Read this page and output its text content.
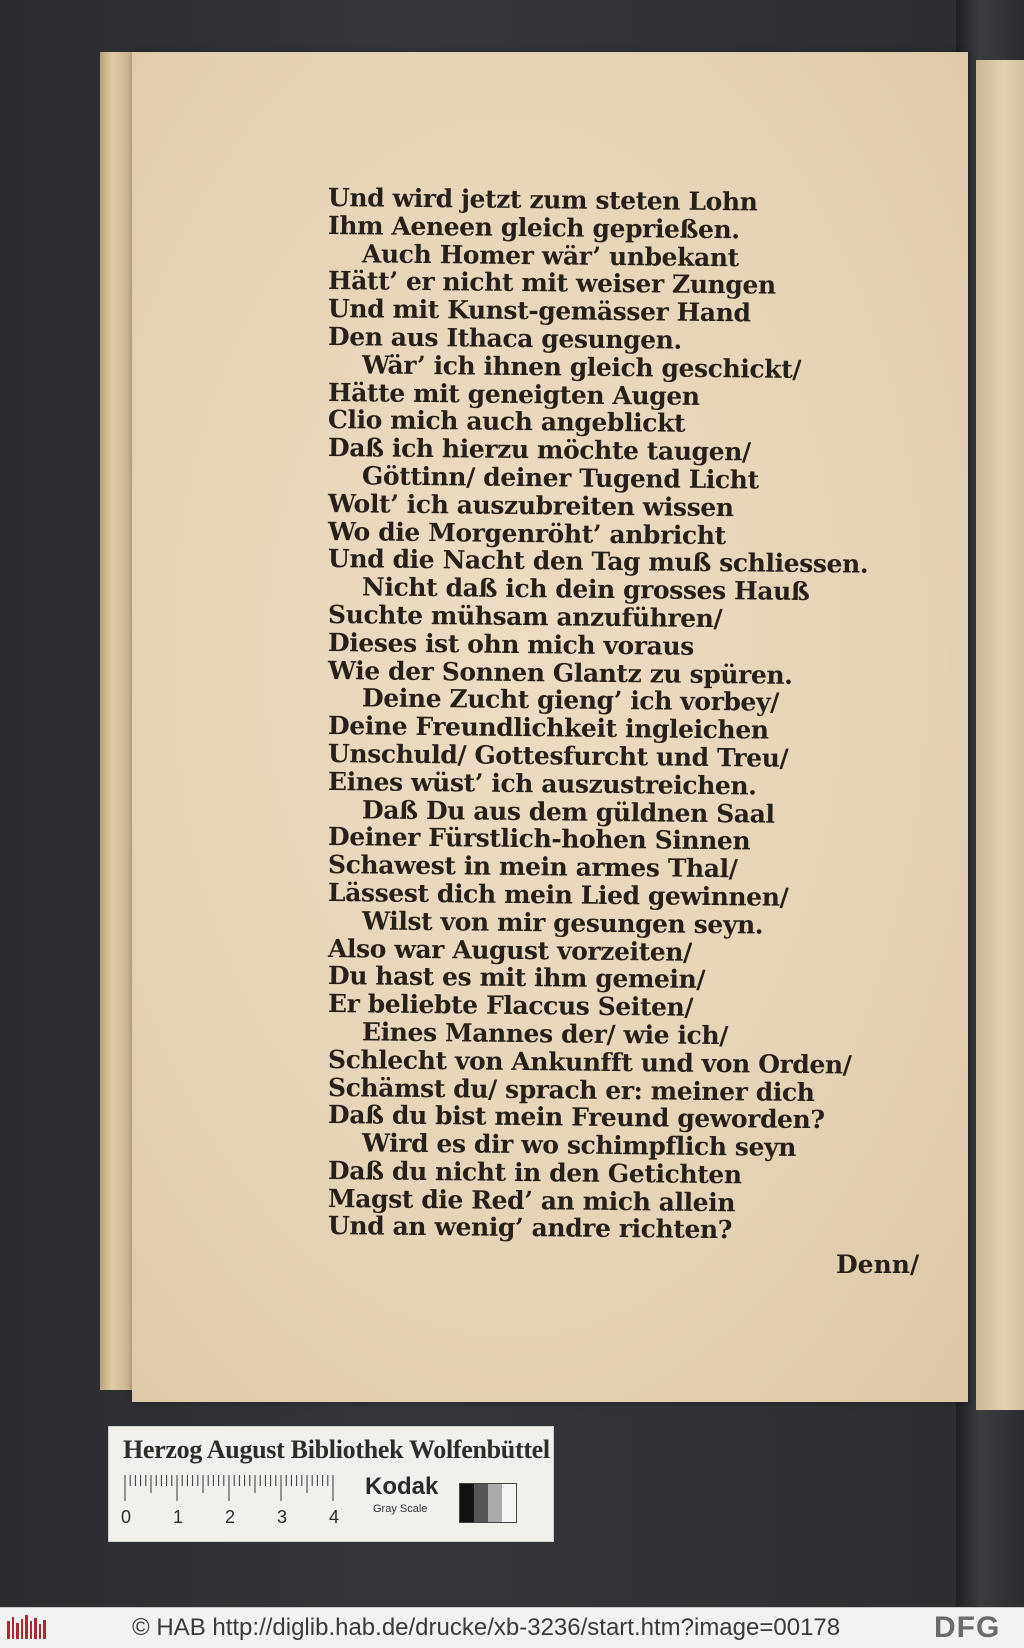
Und wird jetzt zum steten Lohn
Ihm Aeneen gleich geprießen.
Auch Homer wär’ unbekant
Hätt’ er nicht mit weiser Zungen
Und mit Kunst-gemässer Hand
Den aus Ithaca gesungen.
Wär’ ich ihnen gleich geschickt/
Hätte mit geneigten Augen
Clio mich auch angeblickt
Daß ich hierzu möchte taugen/
Göttinn/ deiner Tugend Licht
Wolt’ ich auszubreiten wissen
Wo die Morgenröht’ anbricht
Und die Nacht den Tag muß schliessen.
Nicht daß ich dein grosses Hauß
Suchte mühsam anzuführen/
Dieses ist ohn mich voraus
Wie der Sonnen Glantz zu spüren.
Deine Zucht gieng’ ich vorbey/
Deine Freundlichkeit ingleichen
Unschuld/ Gottesfurcht und Treu/
Eines wüst’ ich auszustreichen.
Daß Du aus dem güldnen Saal
Deiner Fürstlich-hohen Sinnen
Schawest in mein armes Thal/
Lässest dich mein Lied gewinnen/
Wilst von mir gesungen seyn.
Also war August vorzeiten/
Du hast es mit ihm gemein/
Er beliebte Flaccus Seiten/
Eines Mannes der/ wie ich/
Schlecht von Ankunfft und von Orden/
Schämst du/ sprach er: meiner dich
Daß du bist mein Freund geworden?
Wird es dir wo schimpflich seyn
Daß du nicht in den Getichten
Magst die Red’ an mich allein
Und an wenig’ andre richten?
Denn/
Herzog August Bibliothek Wolfenbüttel
0 1 2 3 4
Kodak
Gray Scale
© HAB http://diglib.hab.de/drucke/xb-3236/start.htm?image=00178	DFG
